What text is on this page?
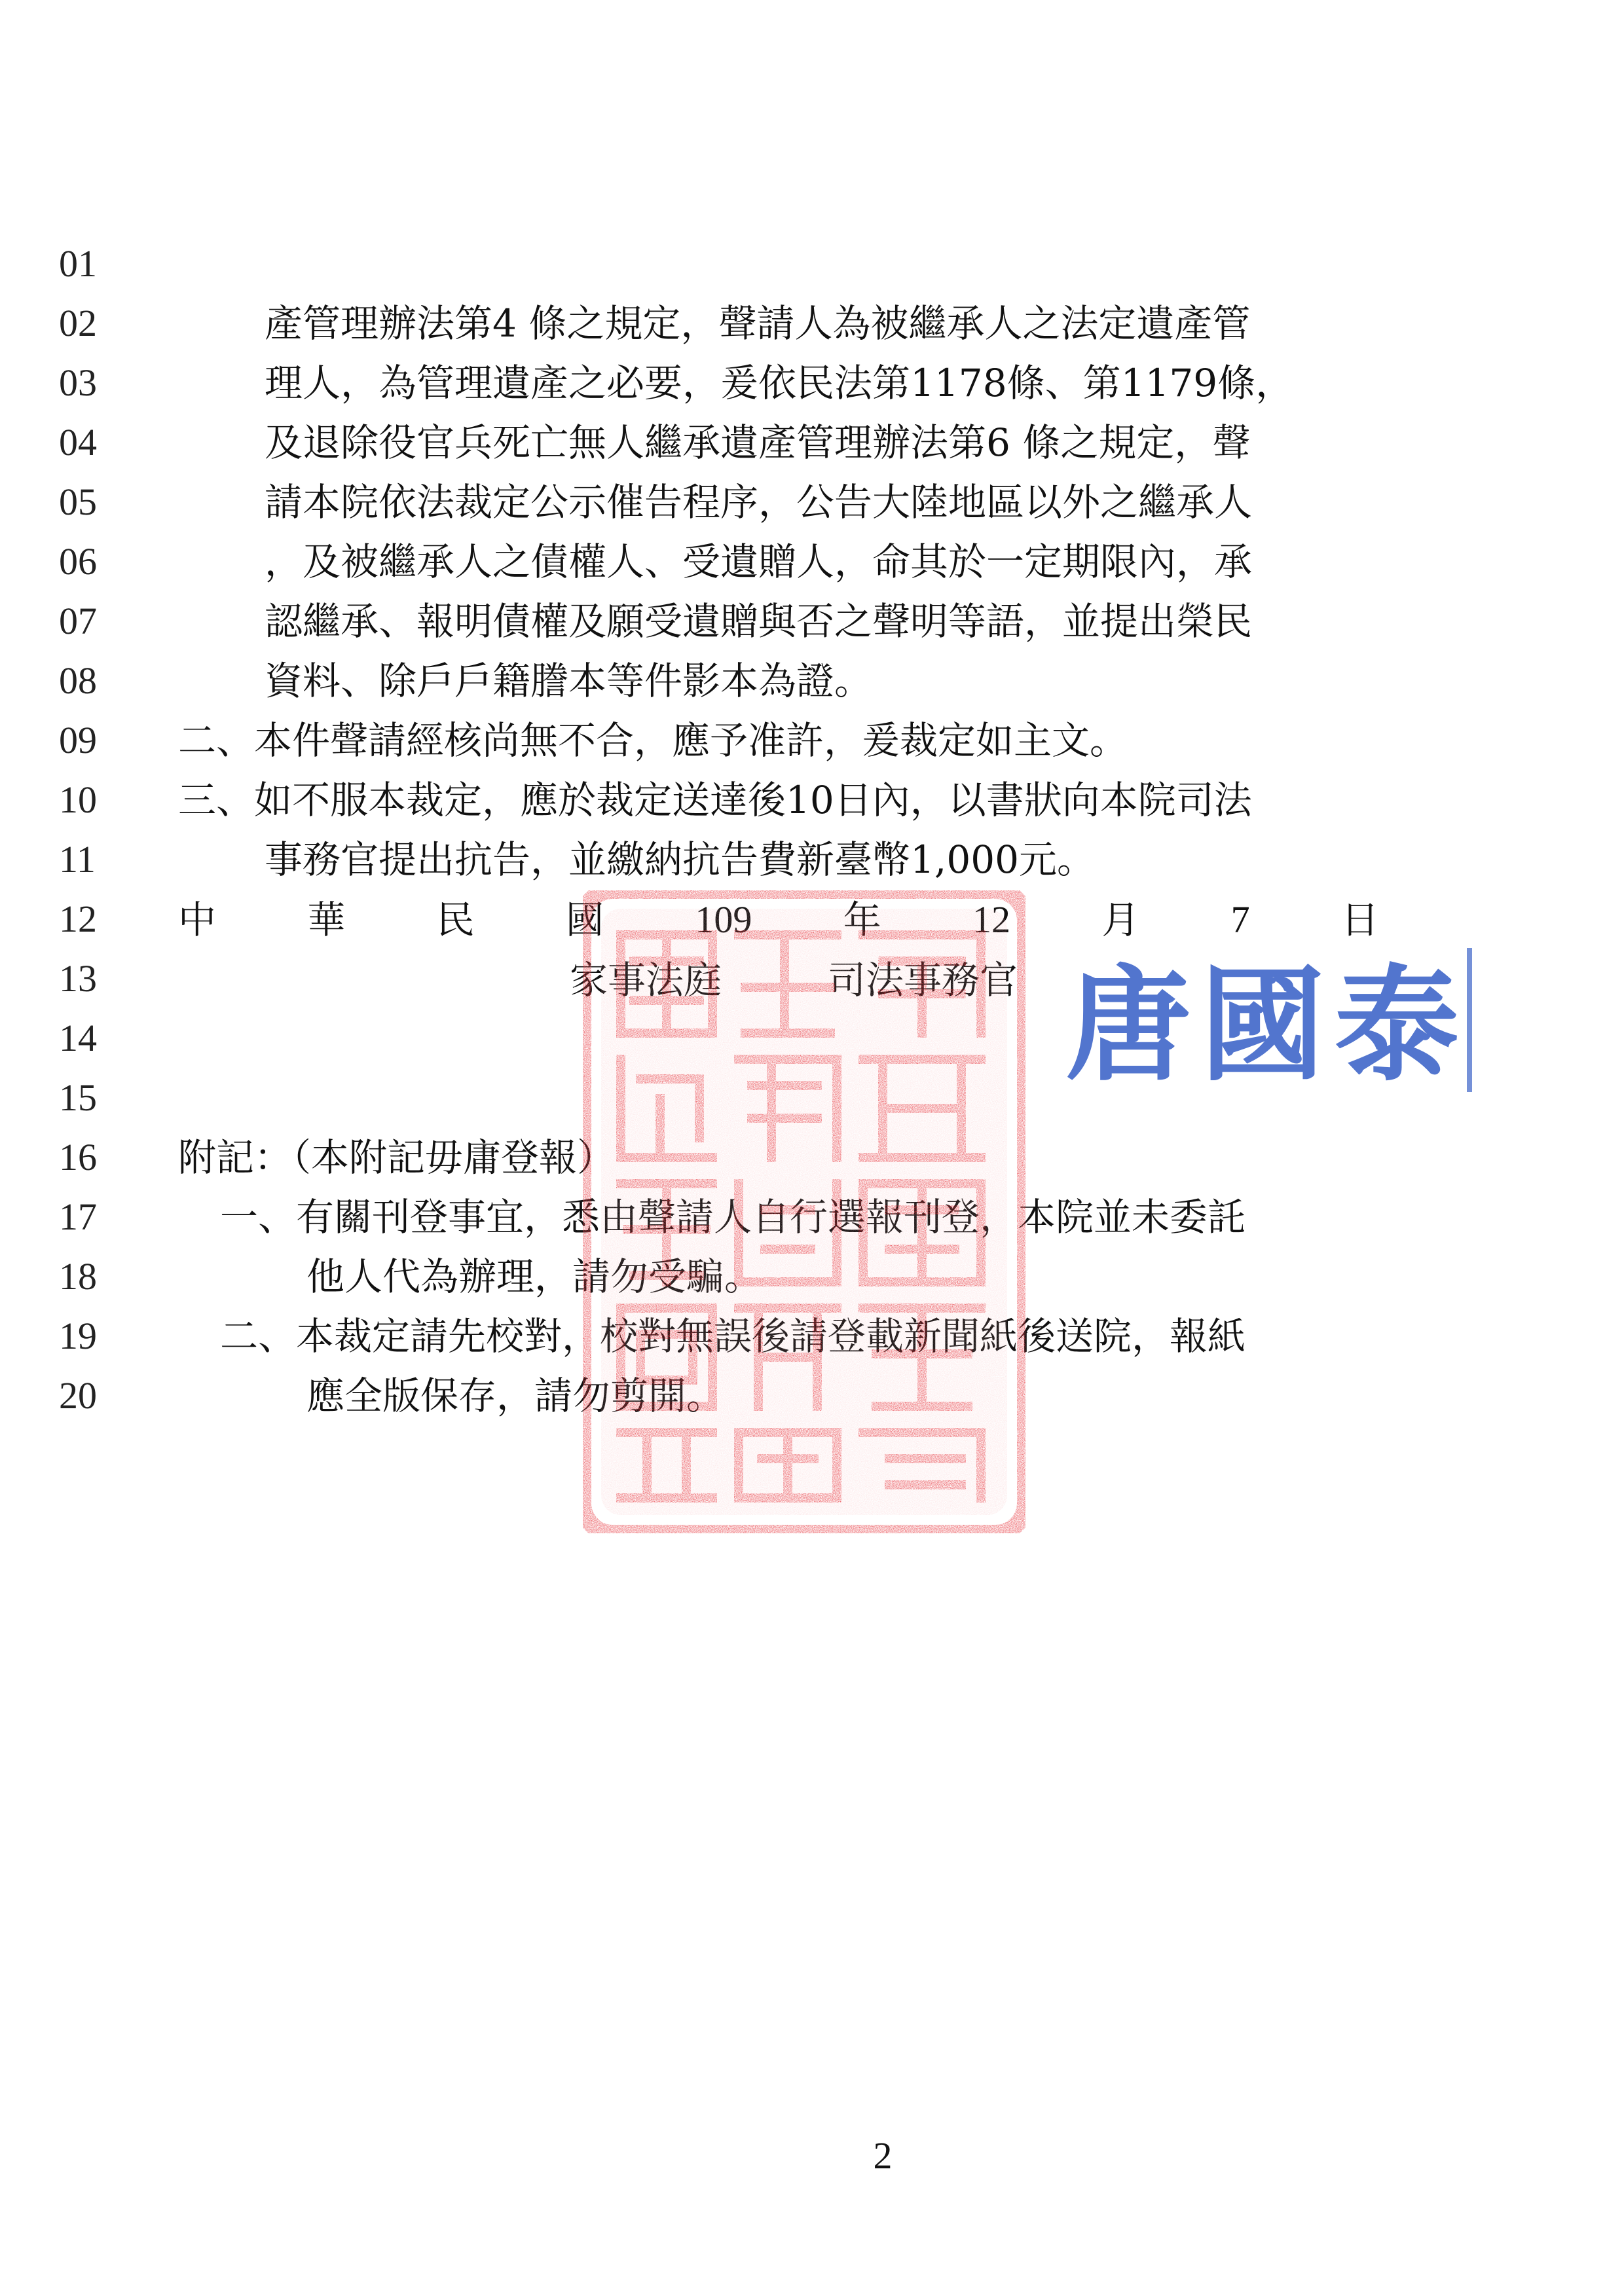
01
02
03
04
05
06
07
08
09
10
11
12
13
14
15
16
17
18
19
20
產管理辦法第4 條之規定，聲請人為被繼承人之法定遺產管
理人，為管理遺產之必要，爰依民法第1178條、第1179條，
及退除役官兵死亡無人繼承遺產管理辦法第6 條之規定，聲
請本院依法裁定公示催告程序，公告大陸地區以外之繼承人
，及被繼承人之債權人、受遺贈人，命其於一定期限內，承
認繼承、報明債權及願受遺贈與否之聲明等語，並提出榮民
資料、除戶戶籍謄本等件影本為證。
二、本件聲請經核尚無不合，應予准許，爰裁定如主文。
三、如不服本裁定，應於裁定送達後10日內，以書狀向本院司法
事務官提出抗告，並繳納抗告費新臺幣1,000元。
中 華 民 國 109 年 12 月 7 日
家事法庭	司法事務官
附記：（本附記毋庸登報）
一、有關刊登事宜，悉由聲請人自行選報刊登，本院並未委託
他人代為辦理，請勿受騙。
二、本裁定請先校對，校對無誤後請登載新聞紙後送院，報紙
應全版保存，請勿剪開。
唐 國 泰
2
